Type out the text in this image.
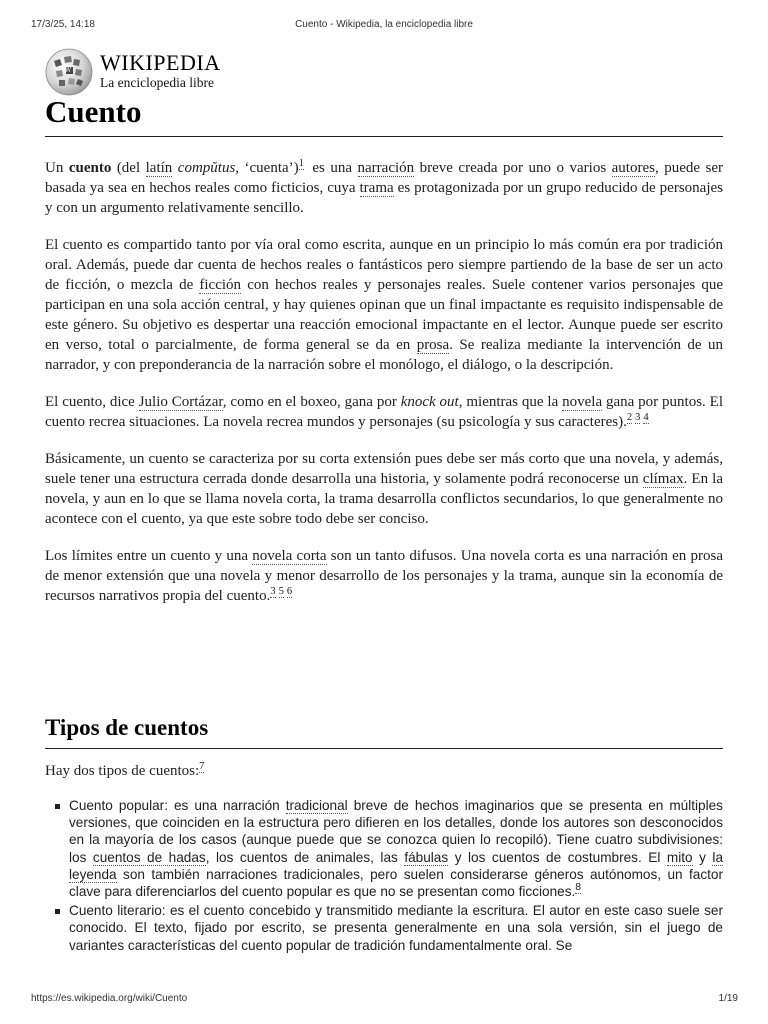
17/3/25, 14:18	Cuento - Wikipedia, la enciclopedia libre
W WIKIPEDIA
La enciclopedia libre
Cuento

Un cuento (del latín compŭtus, ‘cuenta’)$^1$ es una narración breve creada por uno o varios autores, puede ser basada ya sea en hechos reales como ficticios, cuya trama es protagonizada por un grupo reducido de personajes y con un argumento relativamente sencillo.

El cuento es compartido tanto por vía oral como escrita, aunque en un principio lo más común era por tradición oral. Además, puede dar cuenta de hechos reales o fantásticos pero siempre partiendo de la base de ser un acto de ficción, o mezcla de ficción con hechos reales y personajes reales. Suele contener varios personajes que participan en una sola acción central, y hay quienes opinan que un final impactante es requisito indispensable de este género. Su objetivo es despertar una reacción emocional impactante en el lector. Aunque puede ser escrito en verso, total o parcialmente, de forma general se da en prosa. Se realiza mediante la intervención de un narrador, y con preponderancia de la narración sobre el monólogo, el diálogo, o la descripción.

El cuento, dice Julio Cortázar, como en el boxeo, gana por knock out, mientras que la novela gana por puntos. El cuento recrea situaciones. La novela recrea mundos y personajes (su psicología y sus caracteres).$^{2 3 4}$

Básicamente, un cuento se caracteriza por su corta extensión pues debe ser más corto que una novela, y además, suele tener una estructura cerrada donde desarrolla una historia, y solamente podrá reconocerse un clímax. En la novela, y aun en lo que se llama novela corta, la trama desarrolla conflictos secundarios, lo que generalmente no acontece con el cuento, ya que este sobre todo debe ser conciso.

Los límites entre un cuento y una novela corta son un tanto difusos. Una novela corta es una narración en prosa de menor extensión que una novela y menor desarrollo de los personajes y la trama, aunque sin la economía de recursos narrativos propia del cuento.$^{3 5 6}$

Tipos de cuentos

Hay dos tipos de cuentos:$^7$

Cuento popular: es una narración tradicional breve de hechos imaginarios que se presenta en múltiples versiones, que coinciden en la estructura pero difieren en los detalles, donde los autores son desconocidos en la mayoría de los casos (aunque puede que se conozca quien lo recopiló). Tiene cuatro subdivisiones: los cuentos de hadas, los cuentos de animales, las fábulas y los cuentos de costumbres. El mito y la leyenda son también narraciones tradicionales, pero suelen considerarse géneros autónomos, un factor clave para diferenciarlos del cuento popular es que no se presentan como ficciones.$^8$
Cuento literario: es el cuento concebido y transmitido mediante la escritura. El autor en este caso suele ser conocido. El texto, fijado por escrito, se presenta generalmente en una sola versión, sin el juego de variantes características del cuento popular de tradición fundamentalmente oral. Se
https://es.wikipedia.org/wiki/Cuento	1/19
